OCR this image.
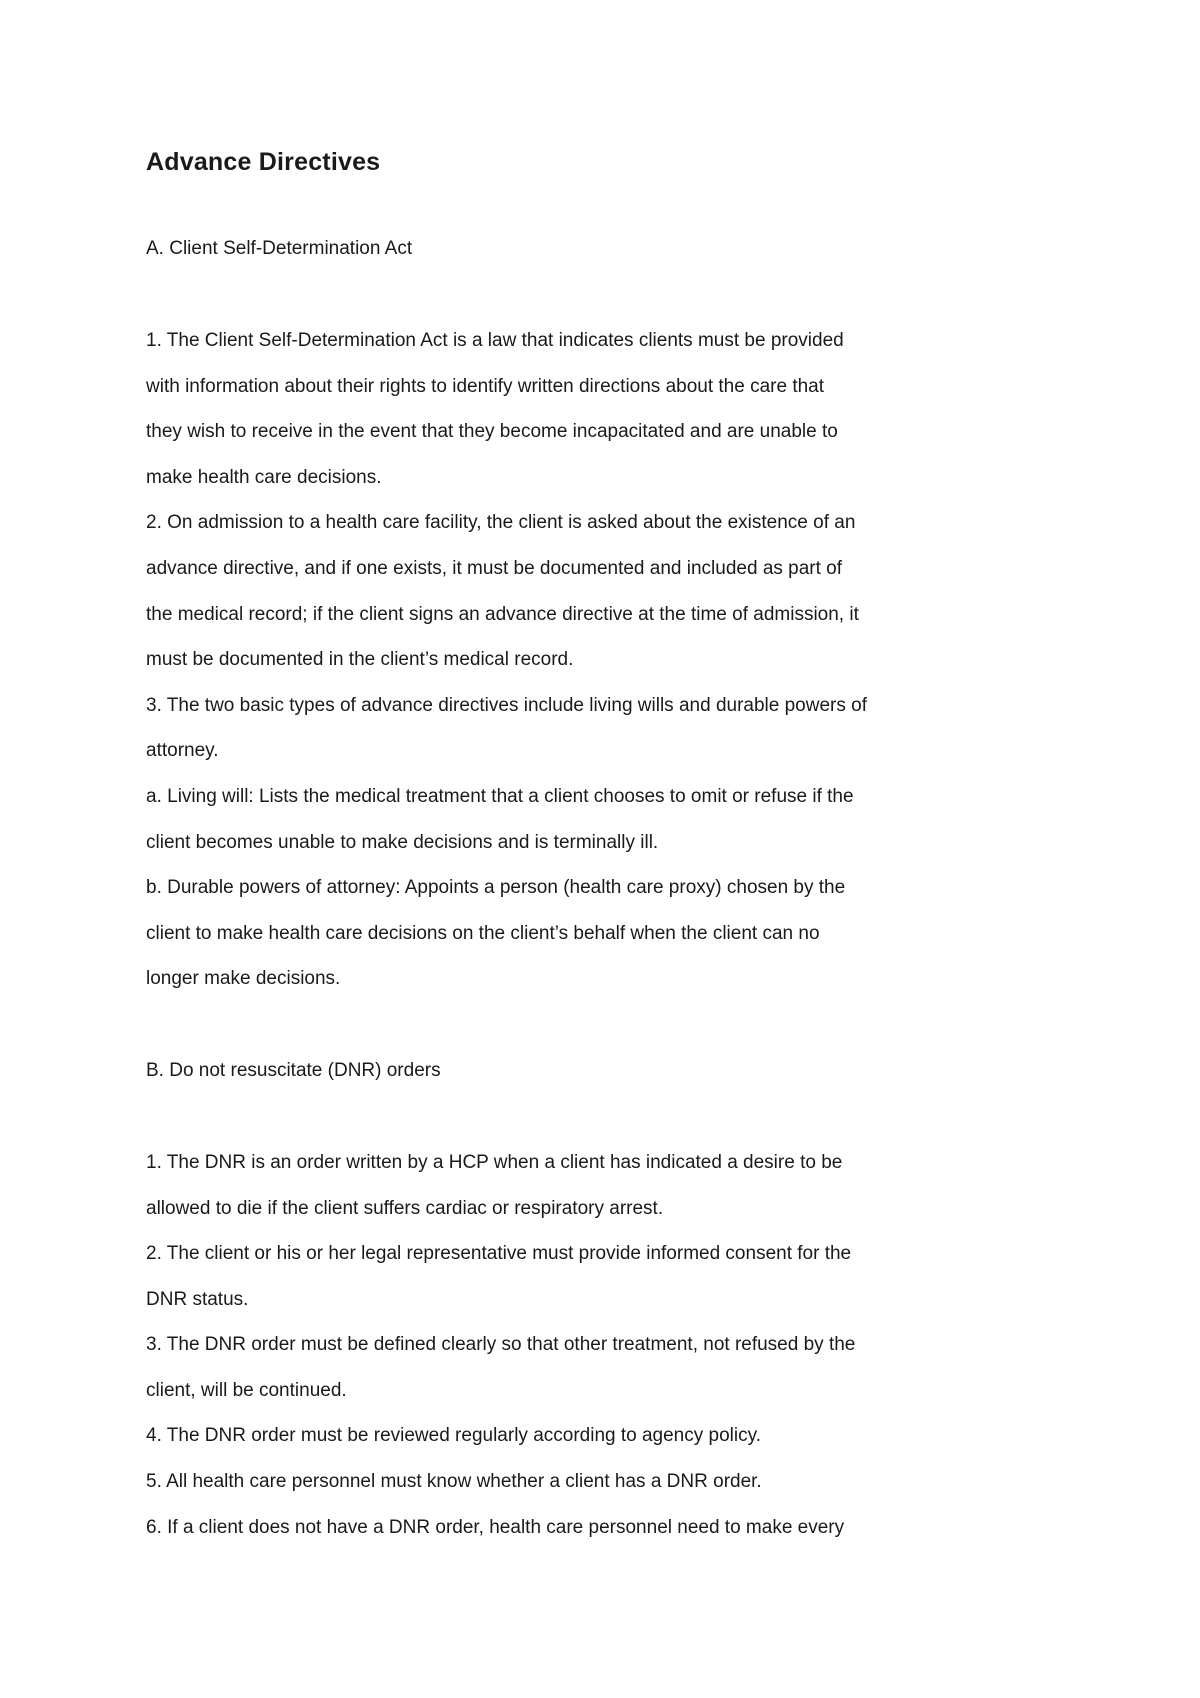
Advance Directives
A. Client Self-Determination Act

1. The Client Self-Determination Act is a law that indicates clients must be provided
with information about their rights to identify written directions about the care that
they wish to receive in the event that they become incapacitated and are unable to
make health care decisions.

2. On admission to a health care facility, the client is asked about the existence of an
advance directive, and if one exists, it must be documented and included as part of
the medical record; if the client signs an advance directive at the time of admission, it
must be documented in the client’s medical record.

3. The two basic types of advance directives include living wills and durable powers of
attorney.

a. Living will: Lists the medical treatment that a client chooses to omit or refuse if the
client becomes unable to make decisions and is terminally ill.

b. Durable powers of attorney: Appoints a person (health care proxy) chosen by the
client to make health care decisions on the client’s behalf when the client can no
longer make decisions.

B. Do not resuscitate (DNR) orders

1. The DNR is an order written by a HCP when a client has indicated a desire to be
allowed to die if the client suffers cardiac or respiratory arrest.

2. The client or his or her legal representative must provide informed consent for the
DNR status.

3. The DNR order must be defined clearly so that other treatment, not refused by the
client, will be continued.

4. The DNR order must be reviewed regularly according to agency policy.

5. All health care personnel must know whether a client has a DNR order.

6. If a client does not have a DNR order, health care personnel need to make every
